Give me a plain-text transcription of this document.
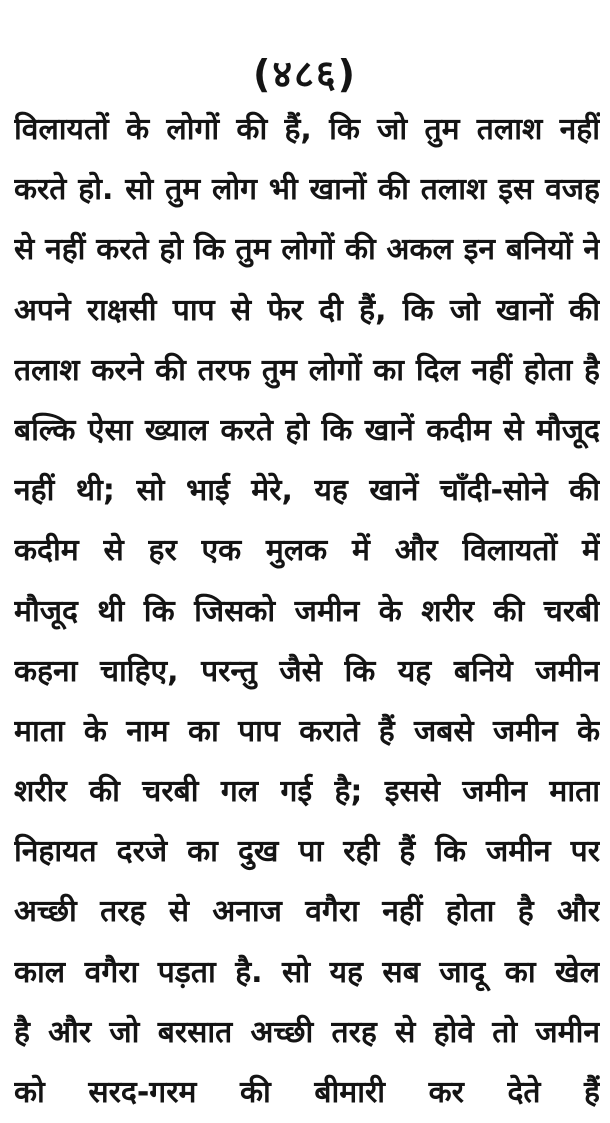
(४८६)
विलायतों के लोगों की हैं, कि जो तुम तलाश नहीं
करते हो. सो तुम लोग भी खानों की तलाश इस वजह
से नहीं करते हो कि तुम लोगों की अकल इन बनियों ने
अपने राक्षसी पाप से फेर दी हैं, कि जो खानों की
तलाश करने की तरफ तुम लोगों का दिल नहीं होता है
बल्कि ऐसा ख्याल करते हो कि खानें कदीम से मौजूद
नहीं थी; सो भाई मेरे, यह खानें चाँदी-सोने की
कदीम से हर एक मुलक में और विलायतों में
मौजूद थी कि जिसको जमीन के शरीर की चरबी
कहना चाहिए, परन्तु जैसे कि यह बनिये जमीन
माता के नाम का पाप कराते हैं जबसे जमीन के
शरीर की चरबी गल गई है; इससे जमीन माता
निहायत दरजे का दुख पा रही हैं कि जमीन पर
अच्छी तरह से अनाज वगैरा नहीं होता है और
काल वगैरा पड़ता है. सो यह सब जादू का खेल
है और जो बरसात अच्छी तरह से होवे तो जमीन
को सरद-गरम की बीमारी कर देते हैं
